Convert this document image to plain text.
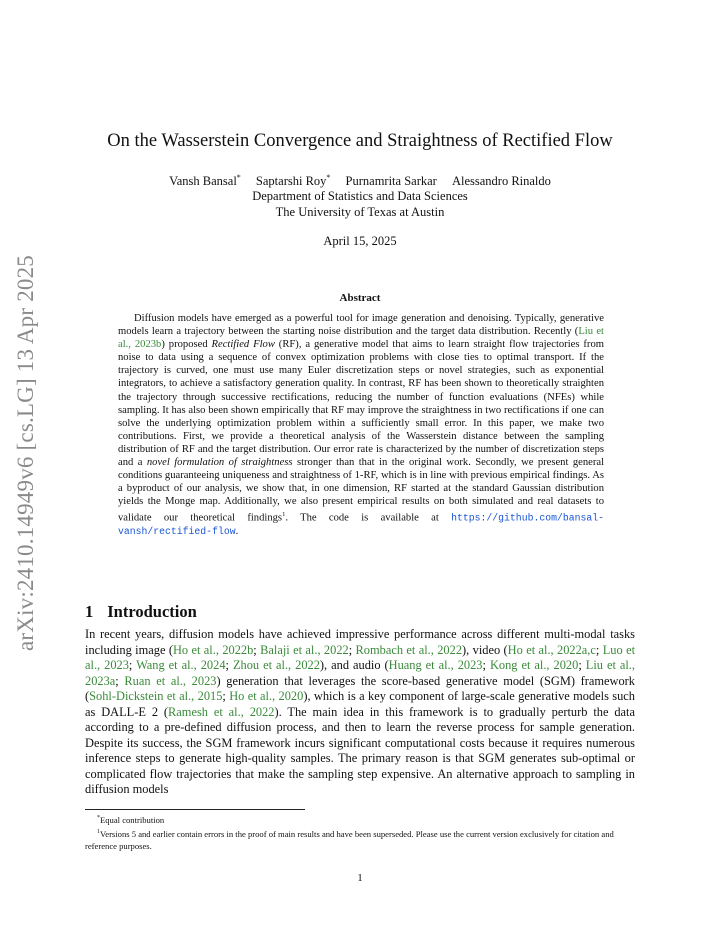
arXiv:2410.14949v6 [cs.LG] 13 Apr 2025
On the Wasserstein Convergence and Straightness of Rectified Flow
Vansh Bansal* Saptarshi Roy* Purnamrita Sarkar Alessandro Rinaldo
Department of Statistics and Data Sciences
The University of Texas at Austin
April 15, 2025
Abstract
Diffusion models have emerged as a powerful tool for image generation and denoising. Typically, generative models learn a trajectory between the starting noise distribution and the target data distribution. Recently (Liu et al., 2023b) proposed Rectified Flow (RF), a generative model that aims to learn straight flow trajectories from noise to data using a sequence of convex optimization problems with close ties to optimal transport. If the trajectory is curved, one must use many Euler discretization steps or novel strategies, such as exponential integrators, to achieve a satisfactory generation quality. In contrast, RF has been shown to theoretically straighten the trajectory through successive rectifications, reducing the number of function evaluations (NFEs) while sampling. It has also been shown empirically that RF may improve the straightness in two rectifications if one can solve the underlying optimization problem within a sufficiently small error. In this paper, we make two contributions. First, we provide a theoretical analysis of the Wasserstein distance between the sampling distribution of RF and the target distribution. Our error rate is characterized by the number of discretization steps and a novel formulation of straightness stronger than that in the original work. Secondly, we present general conditions guaranteeing uniqueness and straightness of 1-RF, which is in line with previous empirical findings. As a byproduct of our analysis, we show that, in one dimension, RF started at the standard Gaussian distribution yields the Monge map. Additionally, we also present empirical results on both simulated and real datasets to validate our theoretical findings$^1$. The code is available at https://github.com/bansal-vansh/rectified-flow.
1 Introduction
In recent years, diffusion models have achieved impressive performance across different multi-modal tasks including image (Ho et al., 2022b; Balaji et al., 2022; Rombach et al., 2022), video (Ho et al., 2022a,c; Luo et al., 2023; Wang et al., 2024; Zhou et al., 2022), and audio (Huang et al., 2023; Kong et al., 2020; Liu et al., 2023a; Ruan et al., 2023) generation that leverages the score-based generative model (SGM) framework (Sohl-Dickstein et al., 2015; Ho et al., 2020), which is a key component of large-scale generative models such as DALL-E 2 (Ramesh et al., 2022). The main idea in this framework is to gradually perturb the data according to a pre-defined diffusion process, and then to learn the reverse process for sample generation. Despite its success, the SGM framework incurs significant computational costs because it requires numerous inference steps to generate high-quality samples. The primary reason is that SGM generates sub-optimal or complicated flow trajectories that make the sampling step expensive. An alternative approach to sampling in diffusion models
*Equal contribution
$^1$Versions 5 and earlier contain errors in the proof of main results and have been superseded. Please use the current version exclusively for citation and reference purposes.
1
